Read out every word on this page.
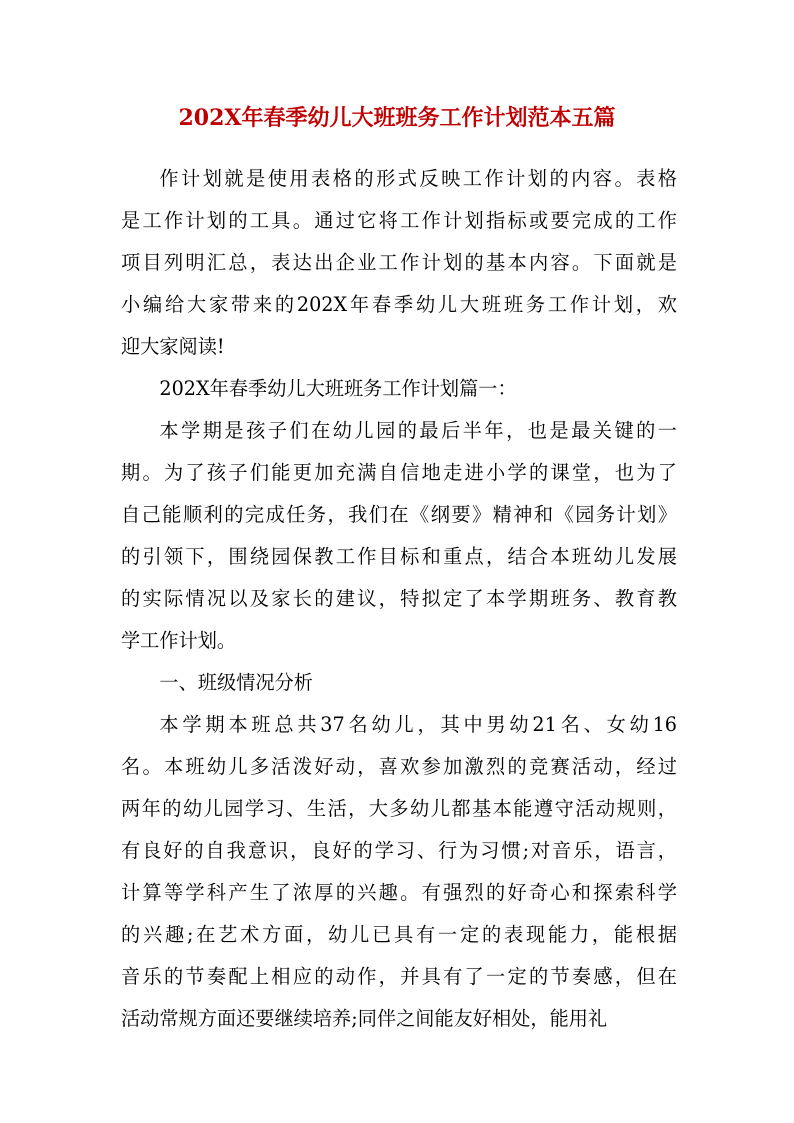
202X年春季幼儿大班班务工作计划范本五篇
作计划就是使用表格的形式反映工作计划的内容。表格
是工作计划的工具。通过它将工作计划指标或要完成的工作
项目列明汇总，表达出企业工作计划的基本内容。下面就是
小编给大家带来的202X年春季幼儿大班班务工作计划，欢
迎大家阅读!
202X年春季幼儿大班班务工作计划篇一：
本学期是孩子们在幼儿园的最后半年，也是最关键的一
期。为了孩子们能更加充满自信地走进小学的课堂，也为了
自己能顺利的完成任务，我们在《纲要》精神和《园务计划》
的引领下，围绕园保教工作目标和重点，结合本班幼儿发展
的实际情况以及家长的建议，特拟定了本学期班务、教育教
学工作计划。
一、班级情况分析
本学期本班总共37名幼儿，其中男幼21名、女幼16
名。本班幼儿多活泼好动，喜欢参加激烈的竞赛活动，经过
两年的幼儿园学习、生活，大多幼儿都基本能遵守活动规则，
有良好的自我意识，良好的学习、行为习惯;对音乐，语言，
计算等学科产生了浓厚的兴趣。有强烈的好奇心和探索科学
的兴趣;在艺术方面，幼儿已具有一定的表现能力，能根据
音乐的节奏配上相应的动作，并具有了一定的节奏感，但在
活动常规方面还要继续培养;同伴之间能友好相处，能用礼
